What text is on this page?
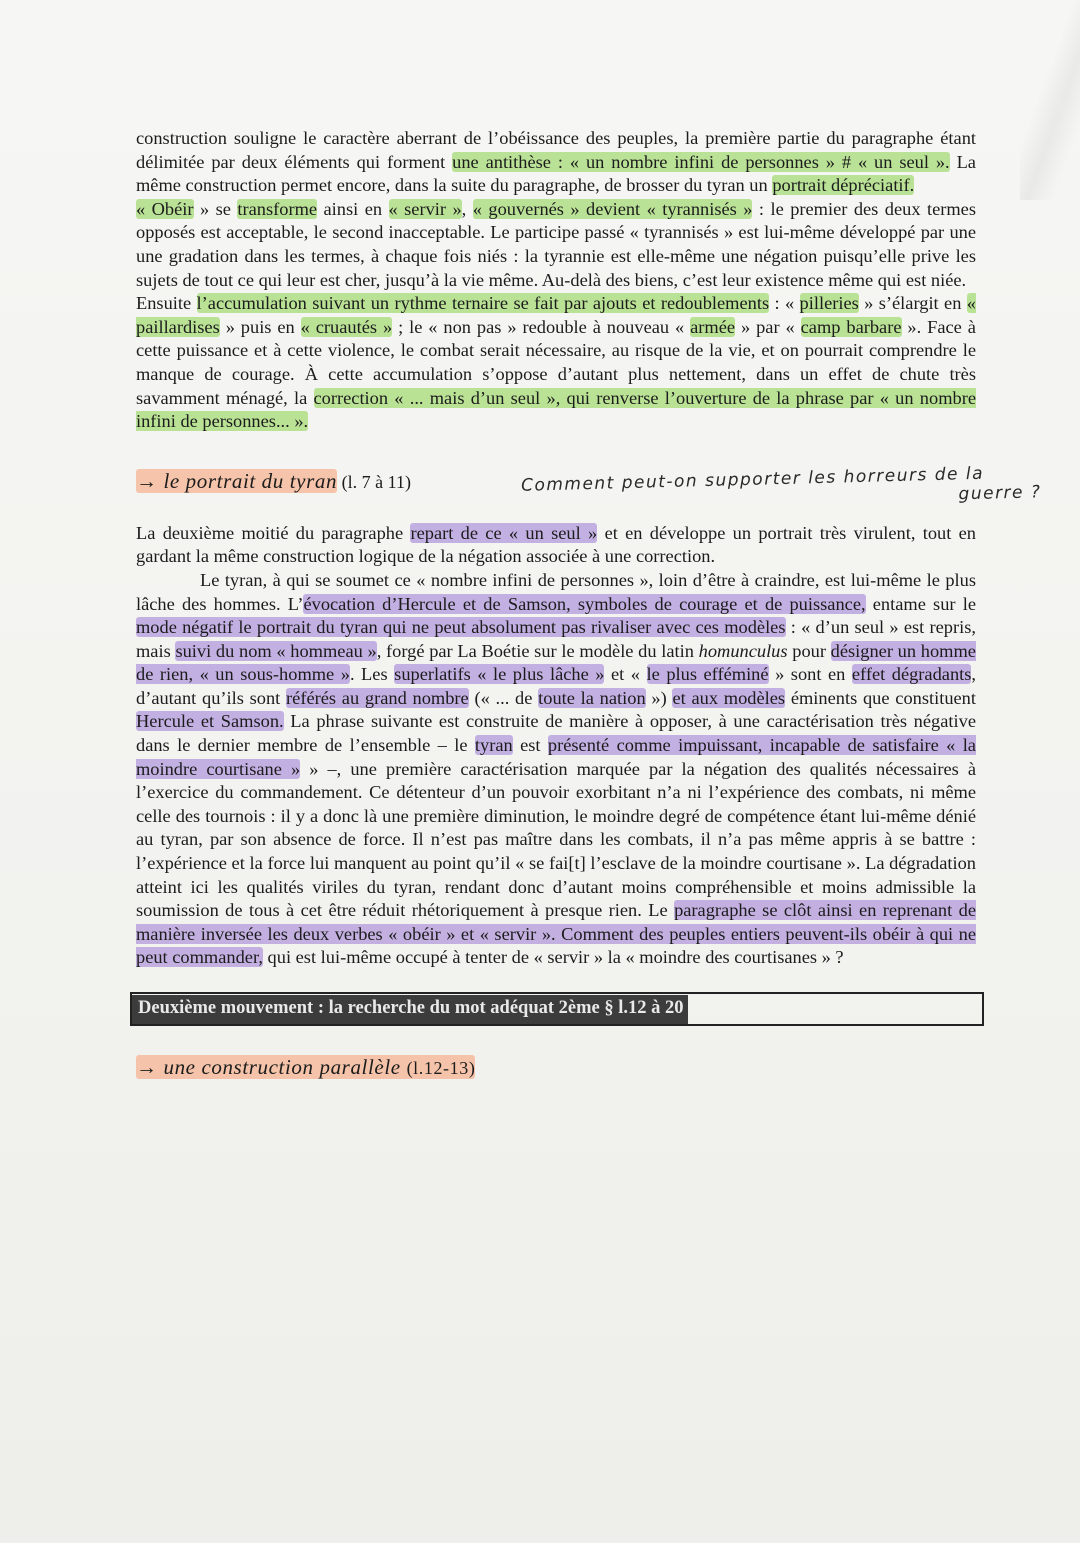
construction souligne le caractère aberrant de l’obéissance des peuples, la première partie du paragraphe étant délimitée par deux éléments qui forment une antithèse : « un nombre infini de personnes » # « un seul ». La même construction permet encore, dans la suite du paragraphe, de brosser du tyran un portrait dépréciatif.

« Obéir » se transforme ainsi en « servir », « gouvernés » devient « tyrannisés » : le premier des deux termes opposés est acceptable, le second inacceptable. Le participe passé « tyrannisés » est lui-même développé par une une gradation dans les termes, à chaque fois niés : la tyrannie est elle-même une négation puisqu’elle prive les sujets de tout ce qui leur est cher, jusqu’à la vie même. Au-delà des biens, c’est leur existence même qui est niée.

Ensuite l’accumulation suivant un rythme ternaire se fait par ajouts et redoublements : « pilleries » s’élargit en « paillardises » puis en « cruautés » ; le « non pas » redouble à nouveau « armée » par « camp barbare ». Face à cette puissance et à cette violence, le combat serait nécessaire, au risque de la vie, et on pourrait comprendre le manque de courage. À cette accumulation s’oppose d’autant plus nettement, dans un effet de chute très savamment ménagé, la correction « ... mais d’un seul », qui renverse l’ouverture de la phrase par « un nombre infini de personnes... ».

→ le portrait du tyran (l. 7 à 11)	Comment peut-on supporter les horreurs de la
guerre ?

La deuxième moitié du paragraphe repart de ce « un seul » et en développe un portrait très virulent, tout en gardant la même construction logique de la négation associée à une correction.

Le tyran, à qui se soumet ce « nombre infini de personnes », loin d’être à craindre, est lui-même le plus lâche des hommes. L’évocation d’Hercule et de Samson, symboles de courage et de puissance, entame sur le mode négatif le portrait du tyran qui ne peut absolument pas rivaliser avec ces modèles : « d’un seul » est repris, mais suivi du nom « hommeau », forgé par La Boétie sur le modèle du latin homunculus pour désigner un homme de rien, « un sous-homme ». Les superlatifs « le plus lâche » et « le plus efféminé » sont en effet dégradants, d’autant qu’ils sont référés au grand nombre (« ... de toute la nation ») et aux modèles éminents que constituent Hercule et Samson. La phrase suivante est construite de manière à opposer, à une caractérisation très négative dans le dernier membre de l’ensemble – le tyran est présenté comme impuissant, incapable de satisfaire « la moindre courtisane » » –, une première caractérisation marquée par la négation des qualités nécessaires à l’exercice du commandement. Ce détenteur d’un pouvoir exorbitant n’a ni l’expérience des combats, ni même celle des tournois : il y a donc là une première diminution, le moindre degré de compétence étant lui-même dénié au tyran, par son absence de force. Il n’est pas maître dans les combats, il n’a pas même appris à se battre : l’expérience et la force lui manquent au point qu’il « se fai[t] l’esclave de la moindre courtisane ». La dégradation atteint ici les qualités viriles du tyran, rendant donc d’autant moins compréhensible et moins admissible la soumission de tous à cet être réduit rhétoriquement à presque rien. Le paragraphe se clôt ainsi en reprenant de manière inversée les deux verbes « obéir » et « servir ». Comment des peuples entiers peuvent-ils obéir à qui ne peut commander, qui est lui-même occupé à tenter de « servir » la « moindre des courtisanes » ?

Deuxième mouvement : la recherche du mot adéquat 2ème § l.12 à 20
→ une construction parallèle (l.12-13)
